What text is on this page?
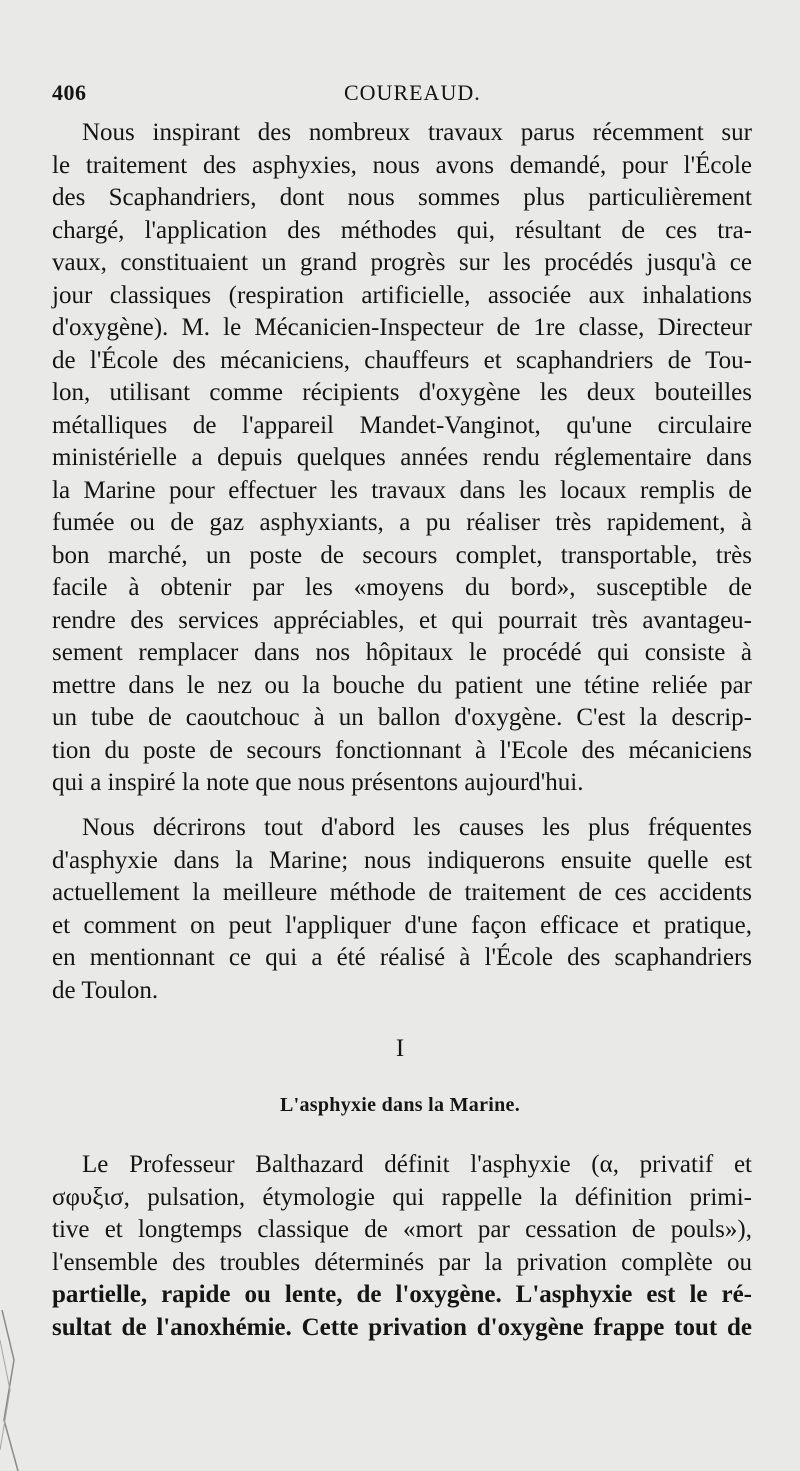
406	COUREAUD.
Nous inspirant des nombreux travaux parus récemment sur
le traitement des asphyxies, nous avons demandé, pour l'École
des Scaphandriers, dont nous sommes plus particulièrement
chargé, l'application des méthodes qui, résultant de ces tra-
vaux, constituaient un grand progrès sur les procédés jusqu'à ce
jour classiques (respiration artificielle, associée aux inhalations
d'oxygène). M. le Mécanicien-Inspecteur de 1re classe, Directeur
de l'École des mécaniciens, chauffeurs et scaphandriers de Tou-
lon, utilisant comme récipients d'oxygène les deux bouteilles
métalliques de l'appareil Mandet-Vanginot, qu'une circulaire
ministérielle a depuis quelques années rendu réglementaire dans
la Marine pour effectuer les travaux dans les locaux remplis de
fumée ou de gaz asphyxiants, a pu réaliser très rapidement, à
bon marché, un poste de secours complet, transportable, très
facile à obtenir par les «moyens du bord», susceptible de
rendre des services appréciables, et qui pourrait très avantageu-
sement remplacer dans nos hôpitaux le procédé qui consiste à
mettre dans le nez ou la bouche du patient une tétine reliée par
un tube de caoutchouc à un ballon d'oxygène. C'est la descrip-
tion du poste de secours fonctionnant à l'Ecole des mécaniciens
qui a inspiré la note que nous présentons aujourd'hui.
Nous décrirons tout d'abord les causes les plus fréquentes
d'asphyxie dans la Marine; nous indiquerons ensuite quelle est
actuellement la meilleure méthode de traitement de ces accidents
et comment on peut l'appliquer d'une façon efficace et pratique,
en mentionnant ce qui a été réalisé à l'École des scaphandriers
de Toulon.
I
L'asphyxie dans la Marine.
Le Professeur Balthazard définit l'asphyxie (α, privatif et
σφυξισ, pulsation, étymologie qui rappelle la définition primi-
tive et longtemps classique de «mort par cessation de pouls»),
l'ensemble des troubles déterminés par la privation complète ou
partielle, rapide ou lente, de l'oxygène. L'asphyxie est le ré-
sultat de l'anoxhémie. Cette privation d'oxygène frappe tout de
